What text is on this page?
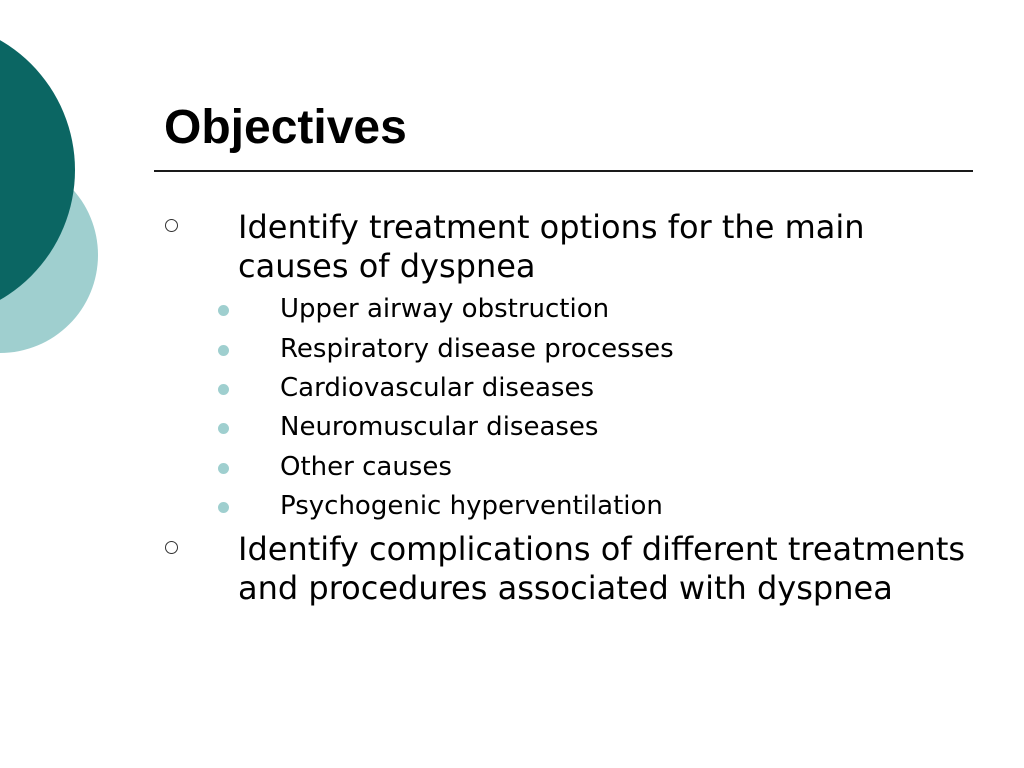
Objectives
Identify treatment options for the main causes of dyspnea
Upper airway obstruction
Respiratory disease processes
Cardiovascular diseases
Neuromuscular diseases
Other causes
Psychogenic hyperventilation
Identify complications of different treatments and procedures associated with dyspnea
